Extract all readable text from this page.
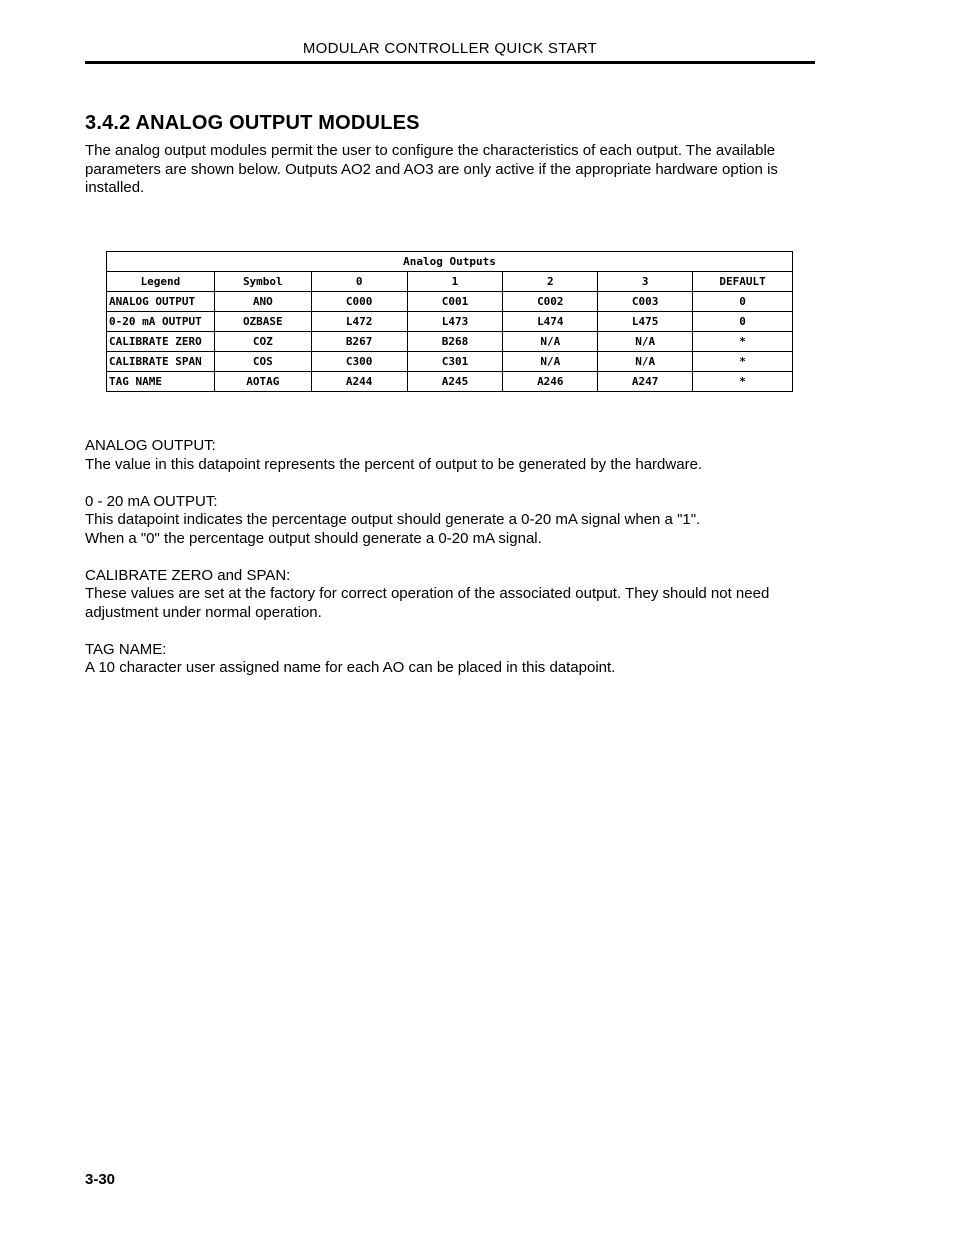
MODULAR CONTROLLER QUICK START
3.4.2 ANALOG OUTPUT MODULES

The analog output modules permit the user to configure the characteristics of each output. The available parameters are shown below. Outputs AO2 and AO3 are only active if the appropriate hardware option is installed.

Analog Outputs						
Legend	Symbol	0	1	2	3	DEFAULT
ANALOG OUTPUT	ANO	C000	C001	C002	C003	0
0-20 mA OUTPUT	OZBASE	L472	L473	L474	L475	0
CALIBRATE ZERO	COZ	B267	B268	N/A	N/A	*
CALIBRATE SPAN	COS	C300	C301	N/A	N/A	*
TAG NAME	AOTAG	A244	A245	A246	A247	*

ANALOG OUTPUT:

The value in this datapoint represents the percent of output to be generated by the hardware.

0 - 20 mA OUTPUT:

This datapoint indicates the percentage output should generate a 0-20 mA signal when a "1".

When a "0" the percentage output should generate a 0-20 mA signal.

CALIBRATE ZERO and SPAN:

These values are set at the factory for correct operation of the associated output. They should not need adjustment under normal operation.

TAG NAME:

A 10 character user assigned name for each AO can be placed in this datapoint.

3-30
